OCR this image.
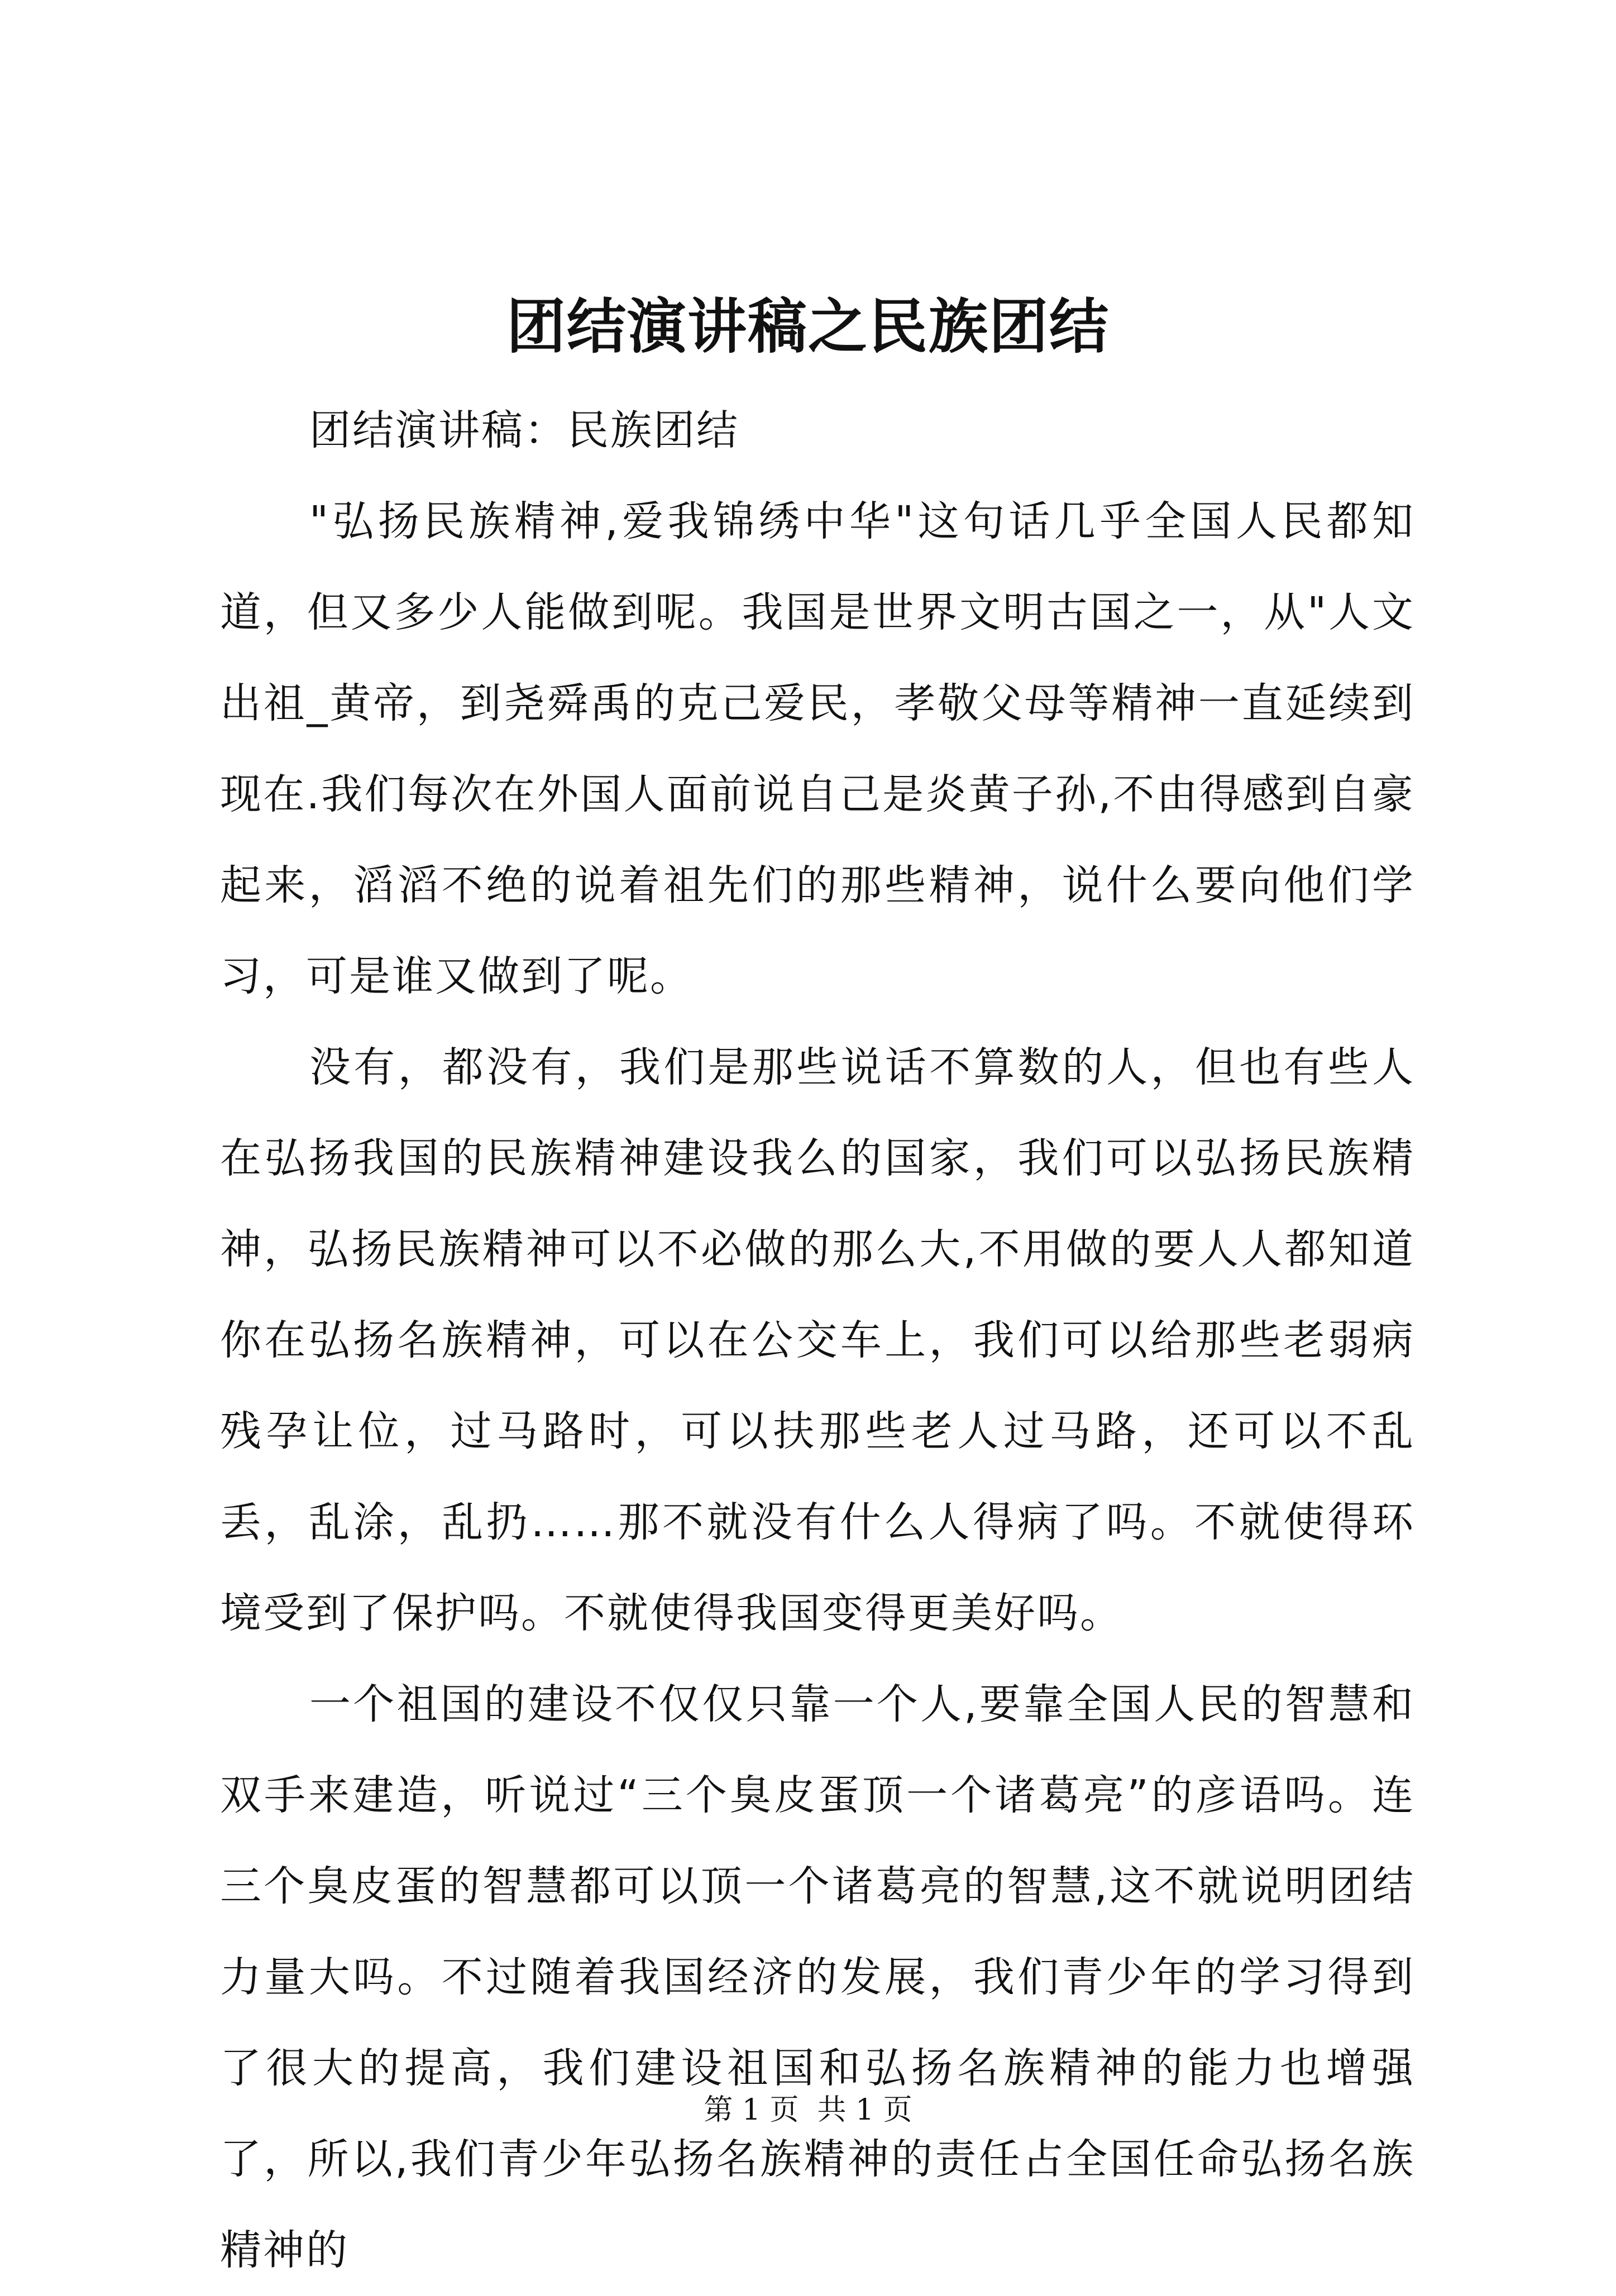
团结演讲稿之民族团结

团结演讲稿：民族团结

"弘扬民族精神,爱我锦绣中华"这句话几乎全国人民都知道，但又多少人能做到呢。我国是世界文明古国之一，从"人文出祖_黄帝，到尧舜禹的克己爱民，孝敬父母等精神一直延续到现在.我们每次在外国人面前说自己是炎黄子孙,不由得感到自豪起来，滔滔不绝的说着祖先们的那些精神，说什么要向他们学习，可是谁又做到了呢。

没有，都没有，我们是那些说话不算数的人，但也有些人在弘扬我国的民族精神建设我么的国家，我们可以弘扬民族精神，弘扬民族精神可以不必做的那么大,不用做的要人人都知道你在弘扬名族精神，可以在公交车上，我们可以给那些老弱病残孕让位，过马路时，可以扶那些老人过马路，还可以不乱丢，乱涂，乱扔……那不就没有什么人得病了吗。不就使得环境受到了保护吗。不就使得我国变得更美好吗。

一个祖国的建设不仅仅只靠一个人,要靠全国人民的智慧和双手来建造，听说过“三个臭皮蛋顶一个诸葛亮”的彦语吗。连三个臭皮蛋的智慧都可以顶一个诸葛亮的智慧,这不就说明团结力量大吗。不过随着我国经济的发展，我们青少年的学习得到了很大的提高，我们建设祖国和弘扬名族精神的能力也增强了，所以,我们青少年弘扬名族精神的责任占全国任命弘扬名族精神的

第 1 页  共 1 页
